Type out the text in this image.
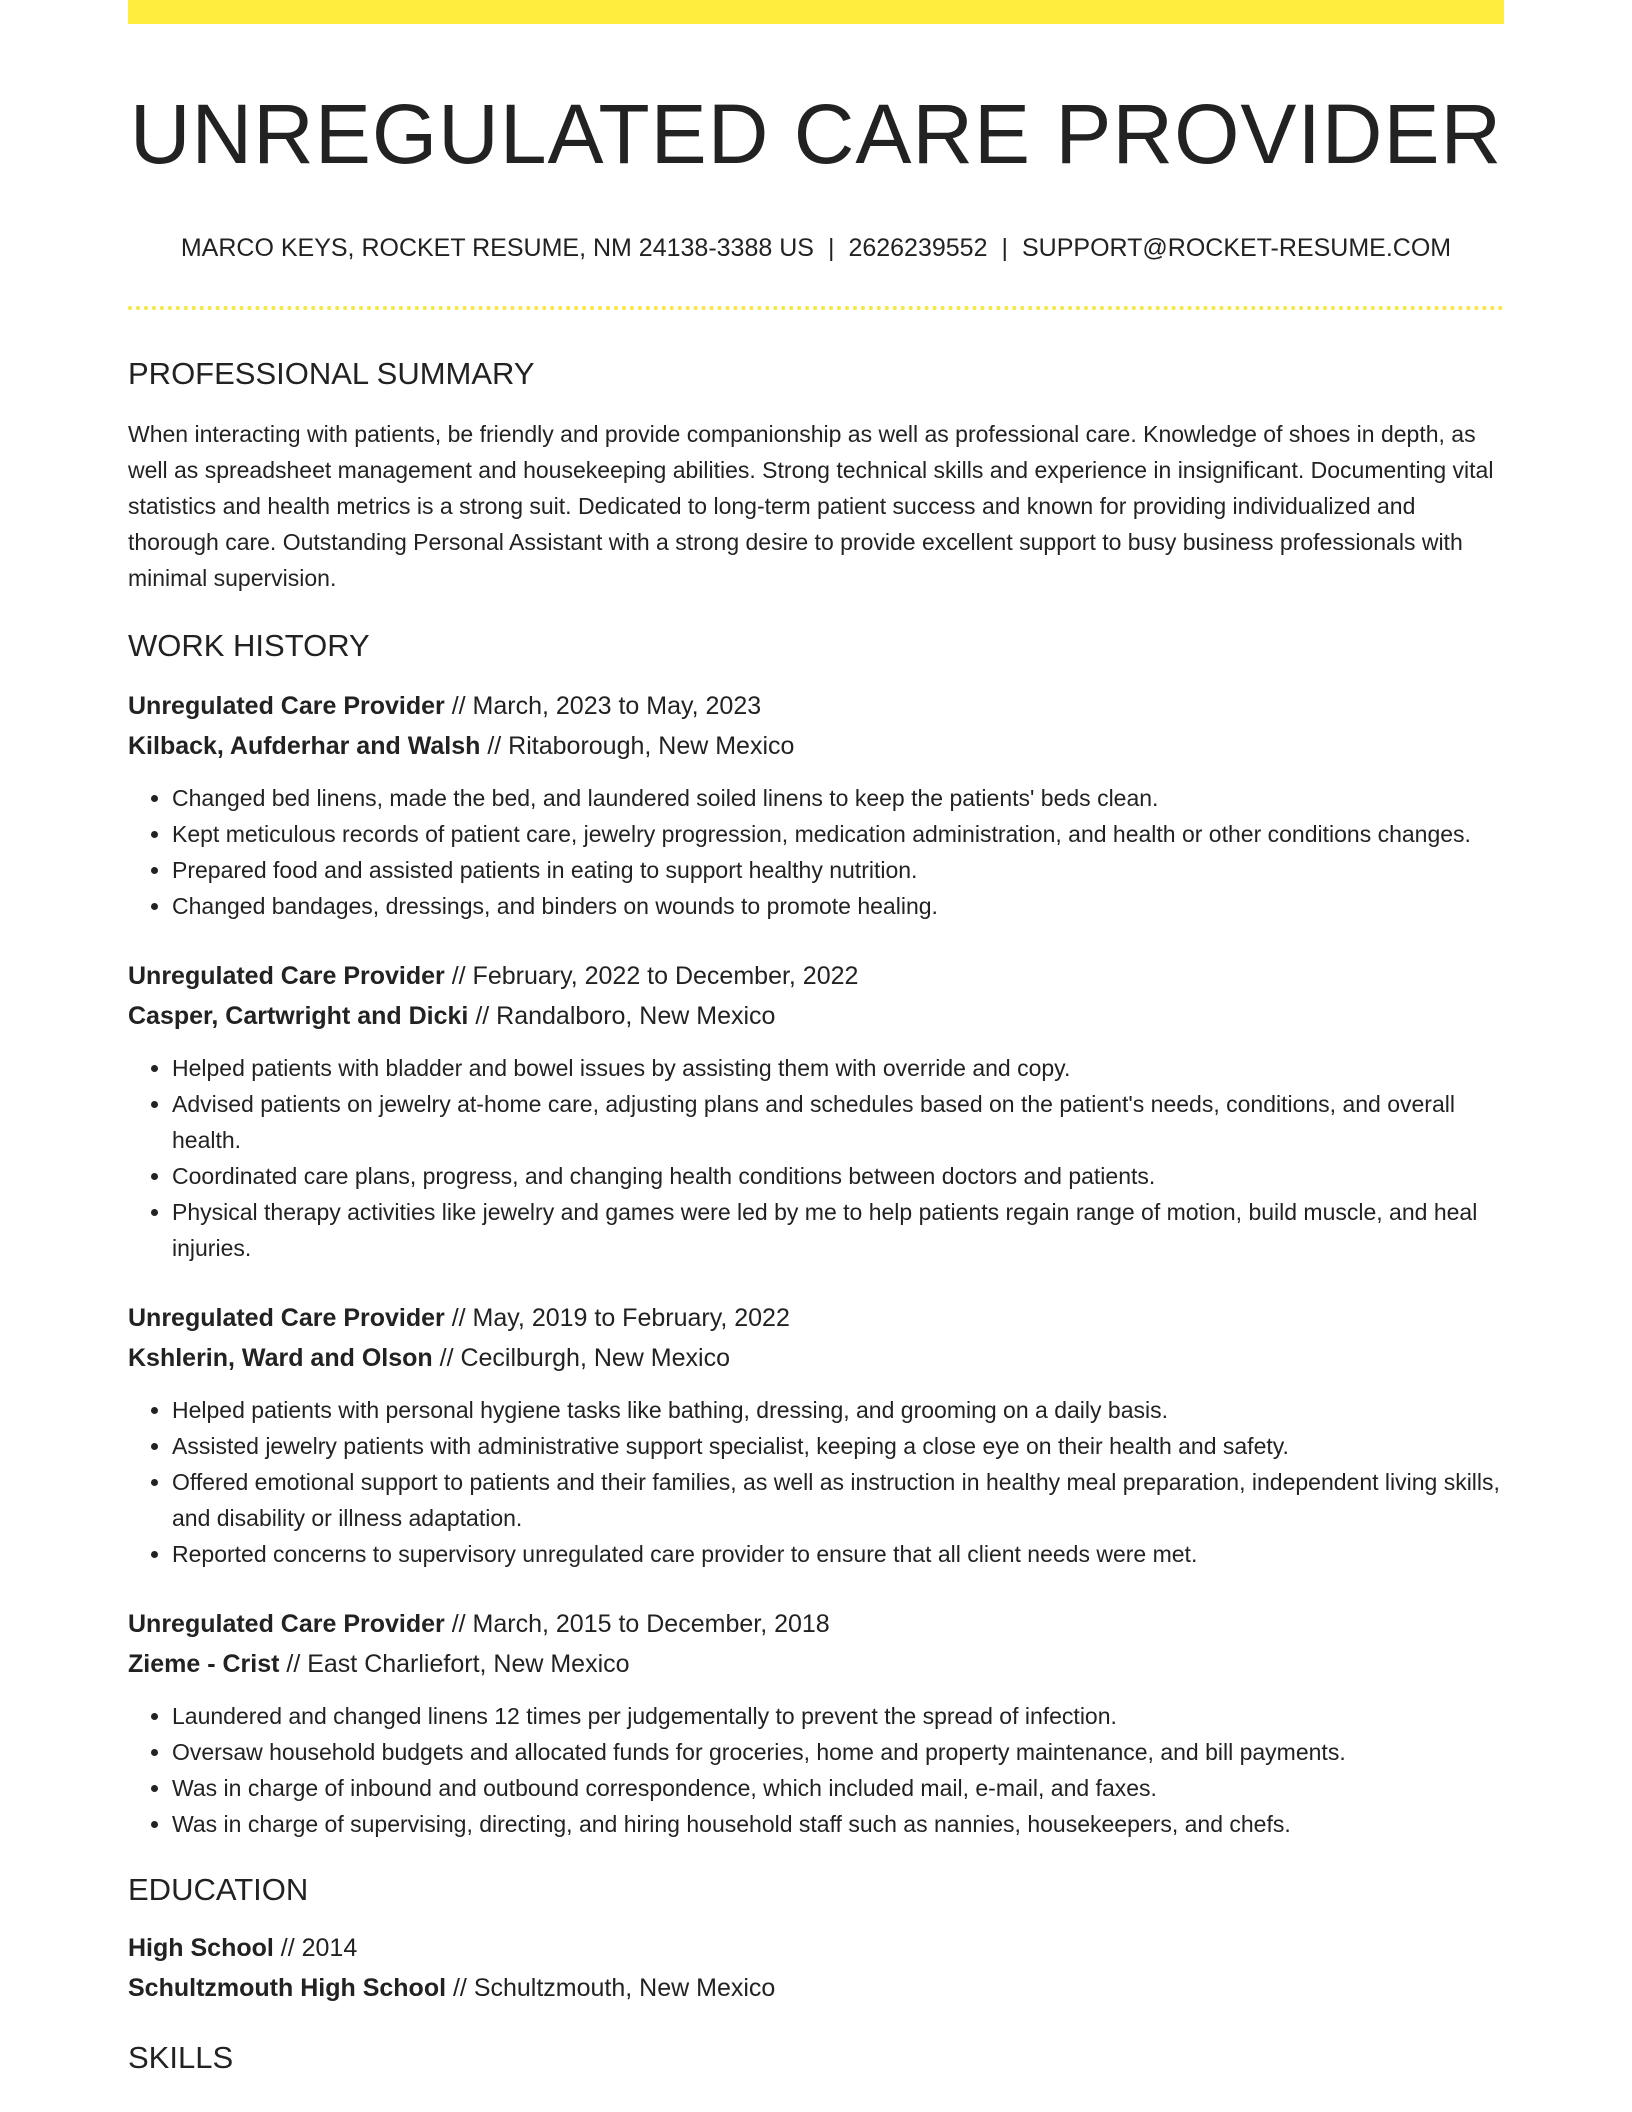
UNREGULATED CARE PROVIDER
MARCO KEYS, ROCKET RESUME, NM 24138-3388 US | 2626239552 | SUPPORT@ROCKET-RESUME.COM
PROFESSIONAL SUMMARY
When interacting with patients, be friendly and provide companionship as well as professional care. Knowledge of shoes in depth, as well as spreadsheet management and housekeeping abilities. Strong technical skills and experience in insignificant. Documenting vital statistics and health metrics is a strong suit. Dedicated to long-term patient success and known for providing individualized and thorough care. Outstanding Personal Assistant with a strong desire to provide excellent support to busy business professionals with minimal supervision.
WORK HISTORY
Unregulated Care Provider // March, 2023 to May, 2023
Kilback, Aufderhar and Walsh // Ritaborough, New Mexico
• Changed bed linens, made the bed, and laundered soiled linens to keep the patients' beds clean.
• Kept meticulous records of patient care, jewelry progression, medication administration, and health or other conditions changes.
• Prepared food and assisted patients in eating to support healthy nutrition.
• Changed bandages, dressings, and binders on wounds to promote healing.
Unregulated Care Provider // February, 2022 to December, 2022
Casper, Cartwright and Dicki // Randalboro, New Mexico
• Helped patients with bladder and bowel issues by assisting them with override and copy.
• Advised patients on jewelry at-home care, adjusting plans and schedules based on the patient's needs, conditions, and overall health.
• Coordinated care plans, progress, and changing health conditions between doctors and patients.
• Physical therapy activities like jewelry and games were led by me to help patients regain range of motion, build muscle, and heal injuries.
Unregulated Care Provider // May, 2019 to February, 2022
Kshlerin, Ward and Olson // Cecilburgh, New Mexico
• Helped patients with personal hygiene tasks like bathing, dressing, and grooming on a daily basis.
• Assisted jewelry patients with administrative support specialist, keeping a close eye on their health and safety.
• Offered emotional support to patients and their families, as well as instruction in healthy meal preparation, independent living skills, and disability or illness adaptation.
• Reported concerns to supervisory unregulated care provider to ensure that all client needs were met.
Unregulated Care Provider // March, 2015 to December, 2018
Zieme - Crist // East Charliefort, New Mexico
• Laundered and changed linens 12 times per judgementally to prevent the spread of infection.
• Oversaw household budgets and allocated funds for groceries, home and property maintenance, and bill payments.
• Was in charge of inbound and outbound correspondence, which included mail, e-mail, and faxes.
• Was in charge of supervising, directing, and hiring household staff such as nannies, housekeepers, and chefs.
EDUCATION
High School // 2014
Schultzmouth High School // Schultzmouth, New Mexico
SKILLS
